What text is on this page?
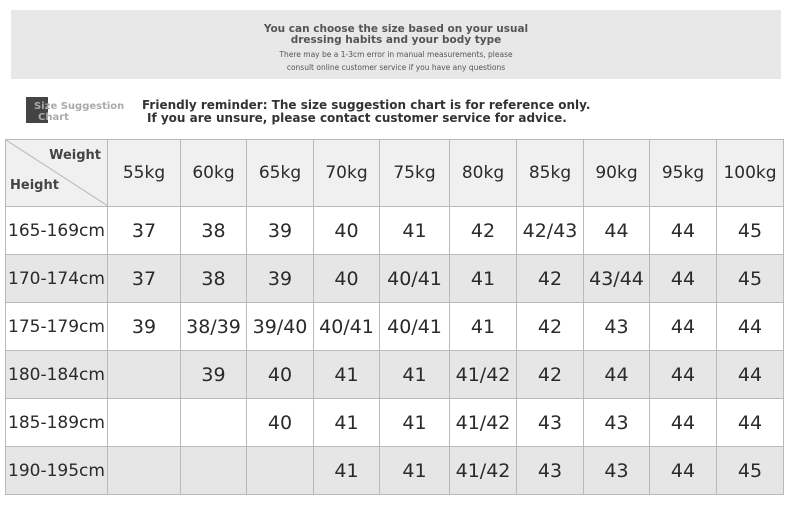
You can choose the size based on your usual
dressing habits and your body type
There may be a 1-3cm error in manual measurements, please
consult online customer service if you have any questions
Size Suggestion
Chart
Friendly reminder: The size suggestion chart is for reference only.
If you are unsure, please contact customer service for advice.
Weight
Height	55kg	60kg	65kg	70kg	75kg	80kg	85kg	90kg	95kg	100kg
165-169cm	37	38	39	40	41	42	42/43	44	44	45
170-174cm	37	38	39	40	40/41	41	42	43/44	44	45
175-179cm	39	38/39	39/40	40/41	40/41	41	42	43	44	44
180-184cm		39	40	41	41	41/42	42	44	44	44
185-189cm			40	41	41	41/42	43	43	44	44
190-195cm				41	41	41/42	43	43	44	45
